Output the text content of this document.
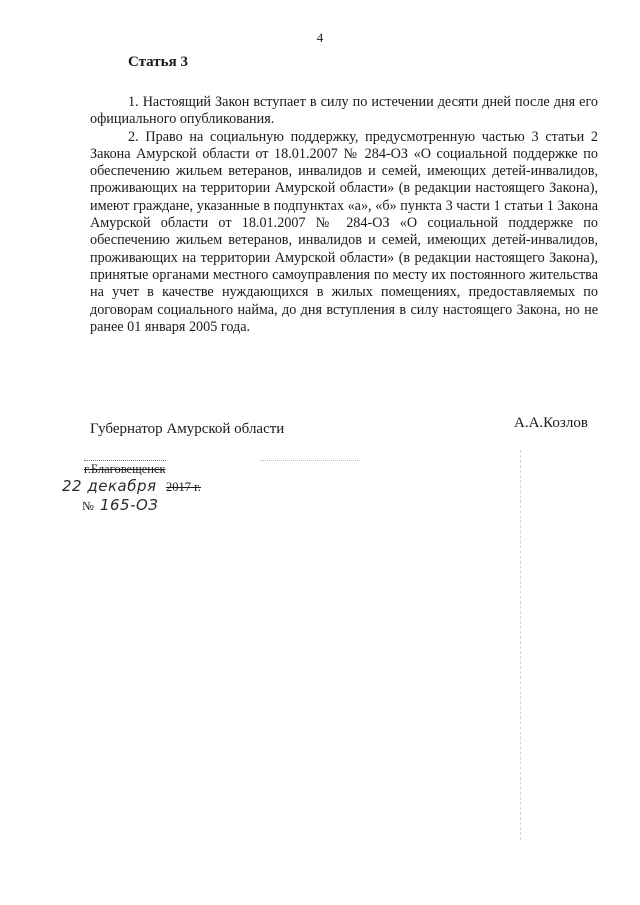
4
Статья 3

1. Настоящий Закон вступает в силу по истечении десяти дней после дня его официального опубликования.

2. Право на социальную поддержку, предусмотренную частью 3 статьи 2 Закона Амурской области от 18.01.2007 № 284-ОЗ «О социальной поддержке по обеспечению жильем ветеранов, инвалидов и семей, имеющих детей-инвалидов, проживающих на территории Амурской области» (в редакции настоящего Закона), имеют граждане, указанные в подпунктах «а», «б» пункта 3 части 1 статьи 1 Закона Амурской области от 18.01.2007 № 284-ОЗ «О социальной поддержке по обеспечению жильем ветеранов, инвалидов и семей, имеющих детей-инвалидов, проживающих на территории Амурской области» (в редакции настоящего Закона), принятые органами местного самоуправления по месту их постоянного жительства на учет в качестве нуждающихся в жилых помещениях, предоставляемых по договорам социального найма, до дня вступления в силу настоящего Закона, но не ранее 01 января 2005 года.

Губернатор Амурской области	А.А.Козлов
г.Благовещенск
22 декабря 2017 г.
№ 165-ОЗ
